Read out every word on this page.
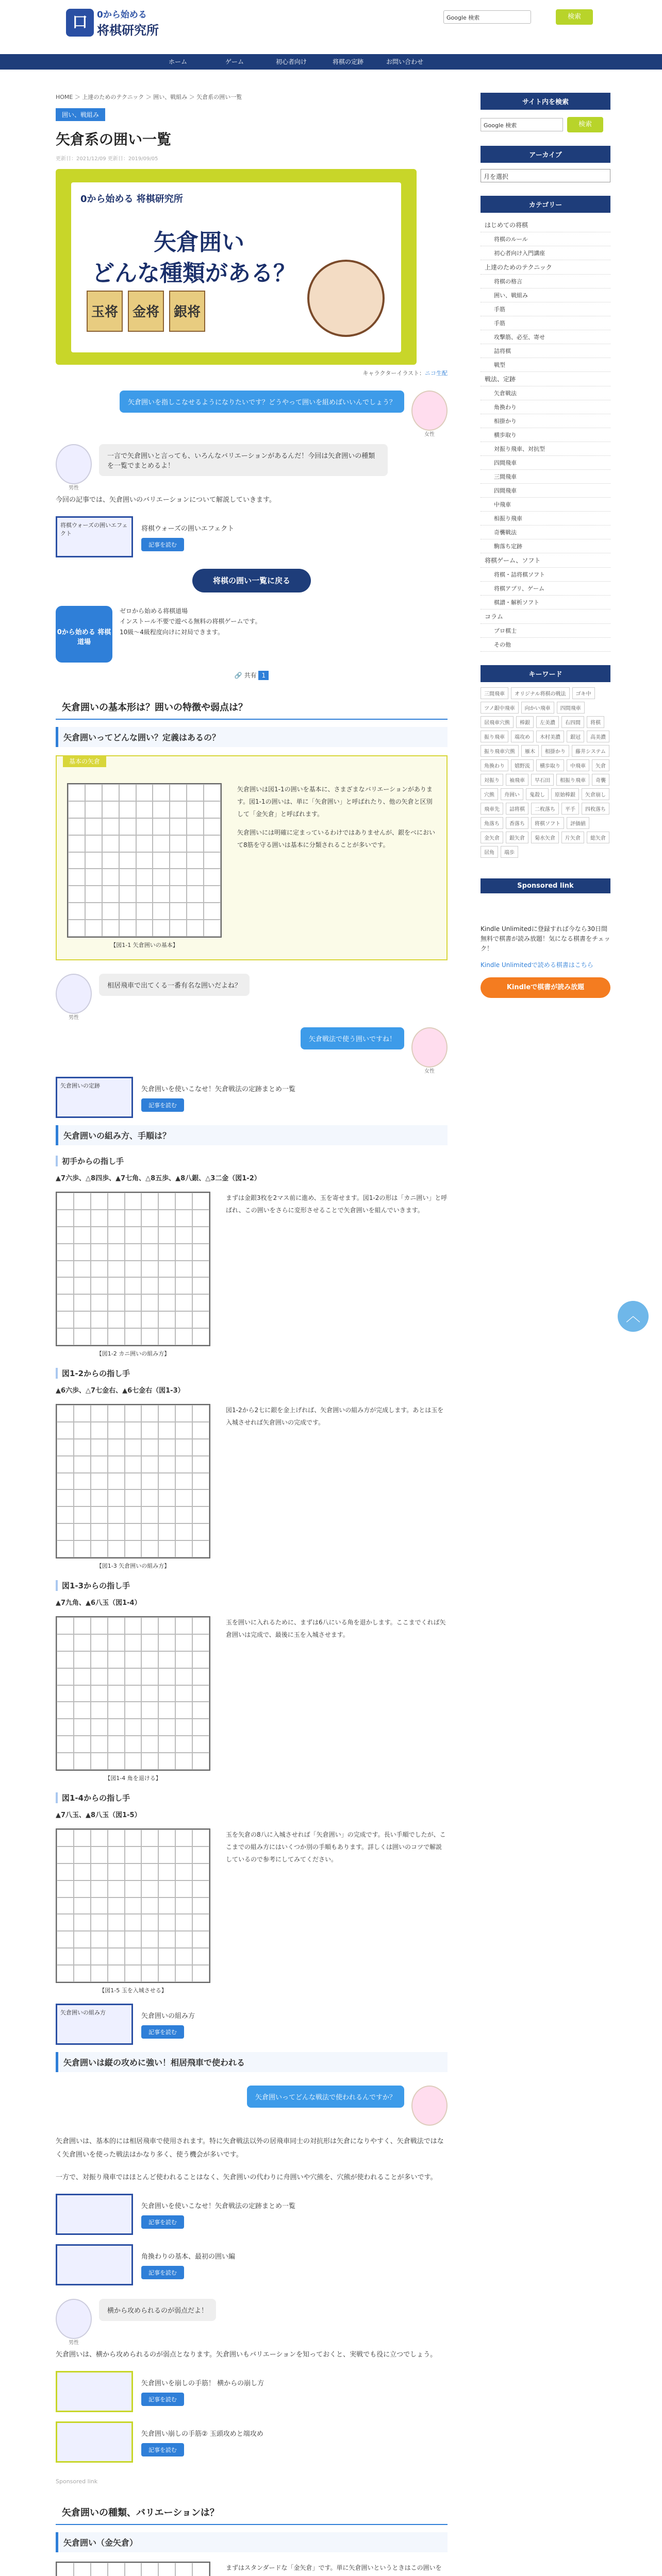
口	0から始める
将棋研究所
Google 検索	検索
ホーム	ゲーム	初心者向け	将棋の定跡	お問い合わせ
HOME ＞ 上達のためのテクニック ＞ 囲い、戦組み ＞ 矢倉系の囲い一覧
囲い、戦組み
矢倉系の囲い一覧
更新日：2021/12/09 更新日：2019/09/05
0から始める 将棋研究所
矢倉囲い
どんな種類がある？
玉将	金将	銀将
キャラクターイラスト：ニコ生配
女性
矢倉囲いを指しこなせるようになりたいです？どうやって囲いを組めばいいんでしょう？
男性
一言で矢倉囲いと言っても、いろんなバリエーションがあるんだ！今回は矢倉囲いの種類を一覧でまとめるよ！

今回の記事では、矢倉囲いのバリエーションについて解説していきます。

将棋ウォーズの囲いエフェクト
将棋ウォーズの囲いエフェクト
記事を読む
将棋の囲い一覧に戻る
0から始める 将棋道場
ゼロから始める将棋道場
インストール不要で遊べる無料の将棋ゲームです。
10級〜4級程度向けに対局できます。
🔗 共有 1
矢倉囲いの基本形は？囲いの特徴や弱点は？
矢倉囲いってどんな囲い？定義はあるの？
基本の矢倉
【図1-1 矢倉囲いの基本】
矢倉囲いは図1-1の囲いを基本に、さまざまなバリエーションがあります。図1-1の囲いは、単に「矢倉囲い」と呼ばれたり、他の矢倉と区別して「金矢倉」と呼ばれます。
矢倉囲いには明確に定まっているわけではありませんが、銀をベにおいて8筋を守る囲いは基本に分類されることが多いです。
男性
相居飛車で出てくる一番有名な囲いだよね？
女性
矢倉戦法で使う囲いですね！
矢倉囲いの定跡	矢倉囲いを使いこなせ！矢倉戦法の定跡まとめ一覧
記事を読む
矢倉囲いの組み方、手順は？
初手からの指し手
▲7六歩、△8四歩、▲7七角、△8五歩、▲8八銀、△3二金（図1-2）
【図1-2 カニ囲いの組み方】
まずは金銀3枚を2マス前に進め、玉を寄せます。図1-2の形は「カニ囲い」と呼ばれ、この囲いをさらに変形させることで矢倉囲いを組んでいきます。
図1-2からの指し手
▲6六歩、△7七金右、▲6七金右（図1-3）
【図1-3 矢倉囲いの組み方】
図1-2から2七に銀を金上げれば、矢倉囲いの組み方が完成します。あとは玉を入城させれば矢倉囲いの完成です。
図1-3からの指し手
▲7九角、▲6八玉（図1-4）
【図1-4 角を退ける】
玉を囲いに入れるために、まずは6八にいる角を退かします。ここまでくれば矢倉囲いは完成で、最後に玉を入城させます。
図1-4からの指し手
▲7八玉、▲8八玉（図1-5）
【図1-5 玉を入城させる】
玉を矢倉の8八に入城させれば「矢倉囲い」の完成です。長い手順でしたが、ここまでの組み方にはいくつか別の手順もあります。詳しくは囲いのコツで解説しているので参考にしてみてください。
矢倉囲いの組み方	矢倉囲いの組み方
記事を読む
矢倉囲いは縦の攻めに強い！相居飛車で使われる
矢倉囲いってどんな戦法で使われるんですか？

矢倉囲いは、基本的には相居飛車で使用されます。特に矢倉戦法以外の居飛車同士の対抗形は矢倉になりやすく、矢倉戦法ではなく矢倉囲いを使った戦法はかなり多く、使う機会が多いです。

一方で、対振り飛車ではほとんど使われることはなく、矢倉囲いの代わりに舟囲いや穴熊を、穴熊が使われることが多いです。

矢倉囲いを使いこなせ！矢倉戦法の定跡まとめ一覧
記事を読む
角換わりの基本、最初の囲い編
記事を読む
男性
横から攻められるのが弱点だよ！

矢倉囲いは、横から攻められるのが弱点となります。矢倉囲いもバリエーションを知っておくと、実戦でも役に立つでしょう。

矢倉囲いを崩しの手筋！ 横からの崩し方
記事を読む
矢倉囲い崩しの手筋② 玉頭攻めと端攻め
記事を読む
Sponsored link
矢倉囲いの種類、バリエーションは？
矢倉囲い（金矢倉）
まずはスタンダードな「金矢倉」です。単に矢倉囲いというときはこの囲いを
サイト内を検索
Google 検索	検索
アーカイブ
月を選択
カテゴリー
はじめての将棋
将棋のルール
初心者向け入門講座
上達のためのテクニック
将棋の格言
囲い、戦組み
手筋
手筋
攻撃筋、必至、寄せ
詰将棋
戦型
戦法、定跡
矢倉戦法
角換わり
相掛かり
横歩取り
対振り飛車、対抗型
四間飛車
三間飛車
四間飛車
中飛車
相振り飛車
奇襲戦法
駒落ち定跡
将棋ゲーム、ソフト
将棋・詰将棋ソフト
将棋アプリ、ゲーム
棋譜・解析ソフト
コラム
プロ棋士
その他
キーワード
三間飛車	オリジナル将棋の戦法	ゴキ中
ツノ銀中飛車	向かい飛車	四間飛車
居飛車穴熊	棒銀	左美濃	右四間	将棋
振り飛車	端攻め	木村美濃	銀冠	高美濃
振り飛車穴熊	雁木	相掛かり	藤井システム
角換わり	嬉野流	横歩取り	中飛車	矢倉
対振り	袖飛車	早石田	相振り飛車	奇襲
穴熊	舟囲い	鬼殺し	原始棒銀	矢倉崩し
飛車先	詰将棋	二枚落ち	平手	四枚落ち
角落ち	香落ち	将棋ソフト	評価値
金矢倉	銀矢倉	菊水矢倉	片矢倉	総矢倉
居角	端歩
Sponsored link
Kindle Unlimitedに登録すれば今なら30日間無料で棋書が読み放題！気になる棋書をチェック！
Kindle Unlimitedで読める棋書はこちら
Kindleで棋書が読み放題
︿
